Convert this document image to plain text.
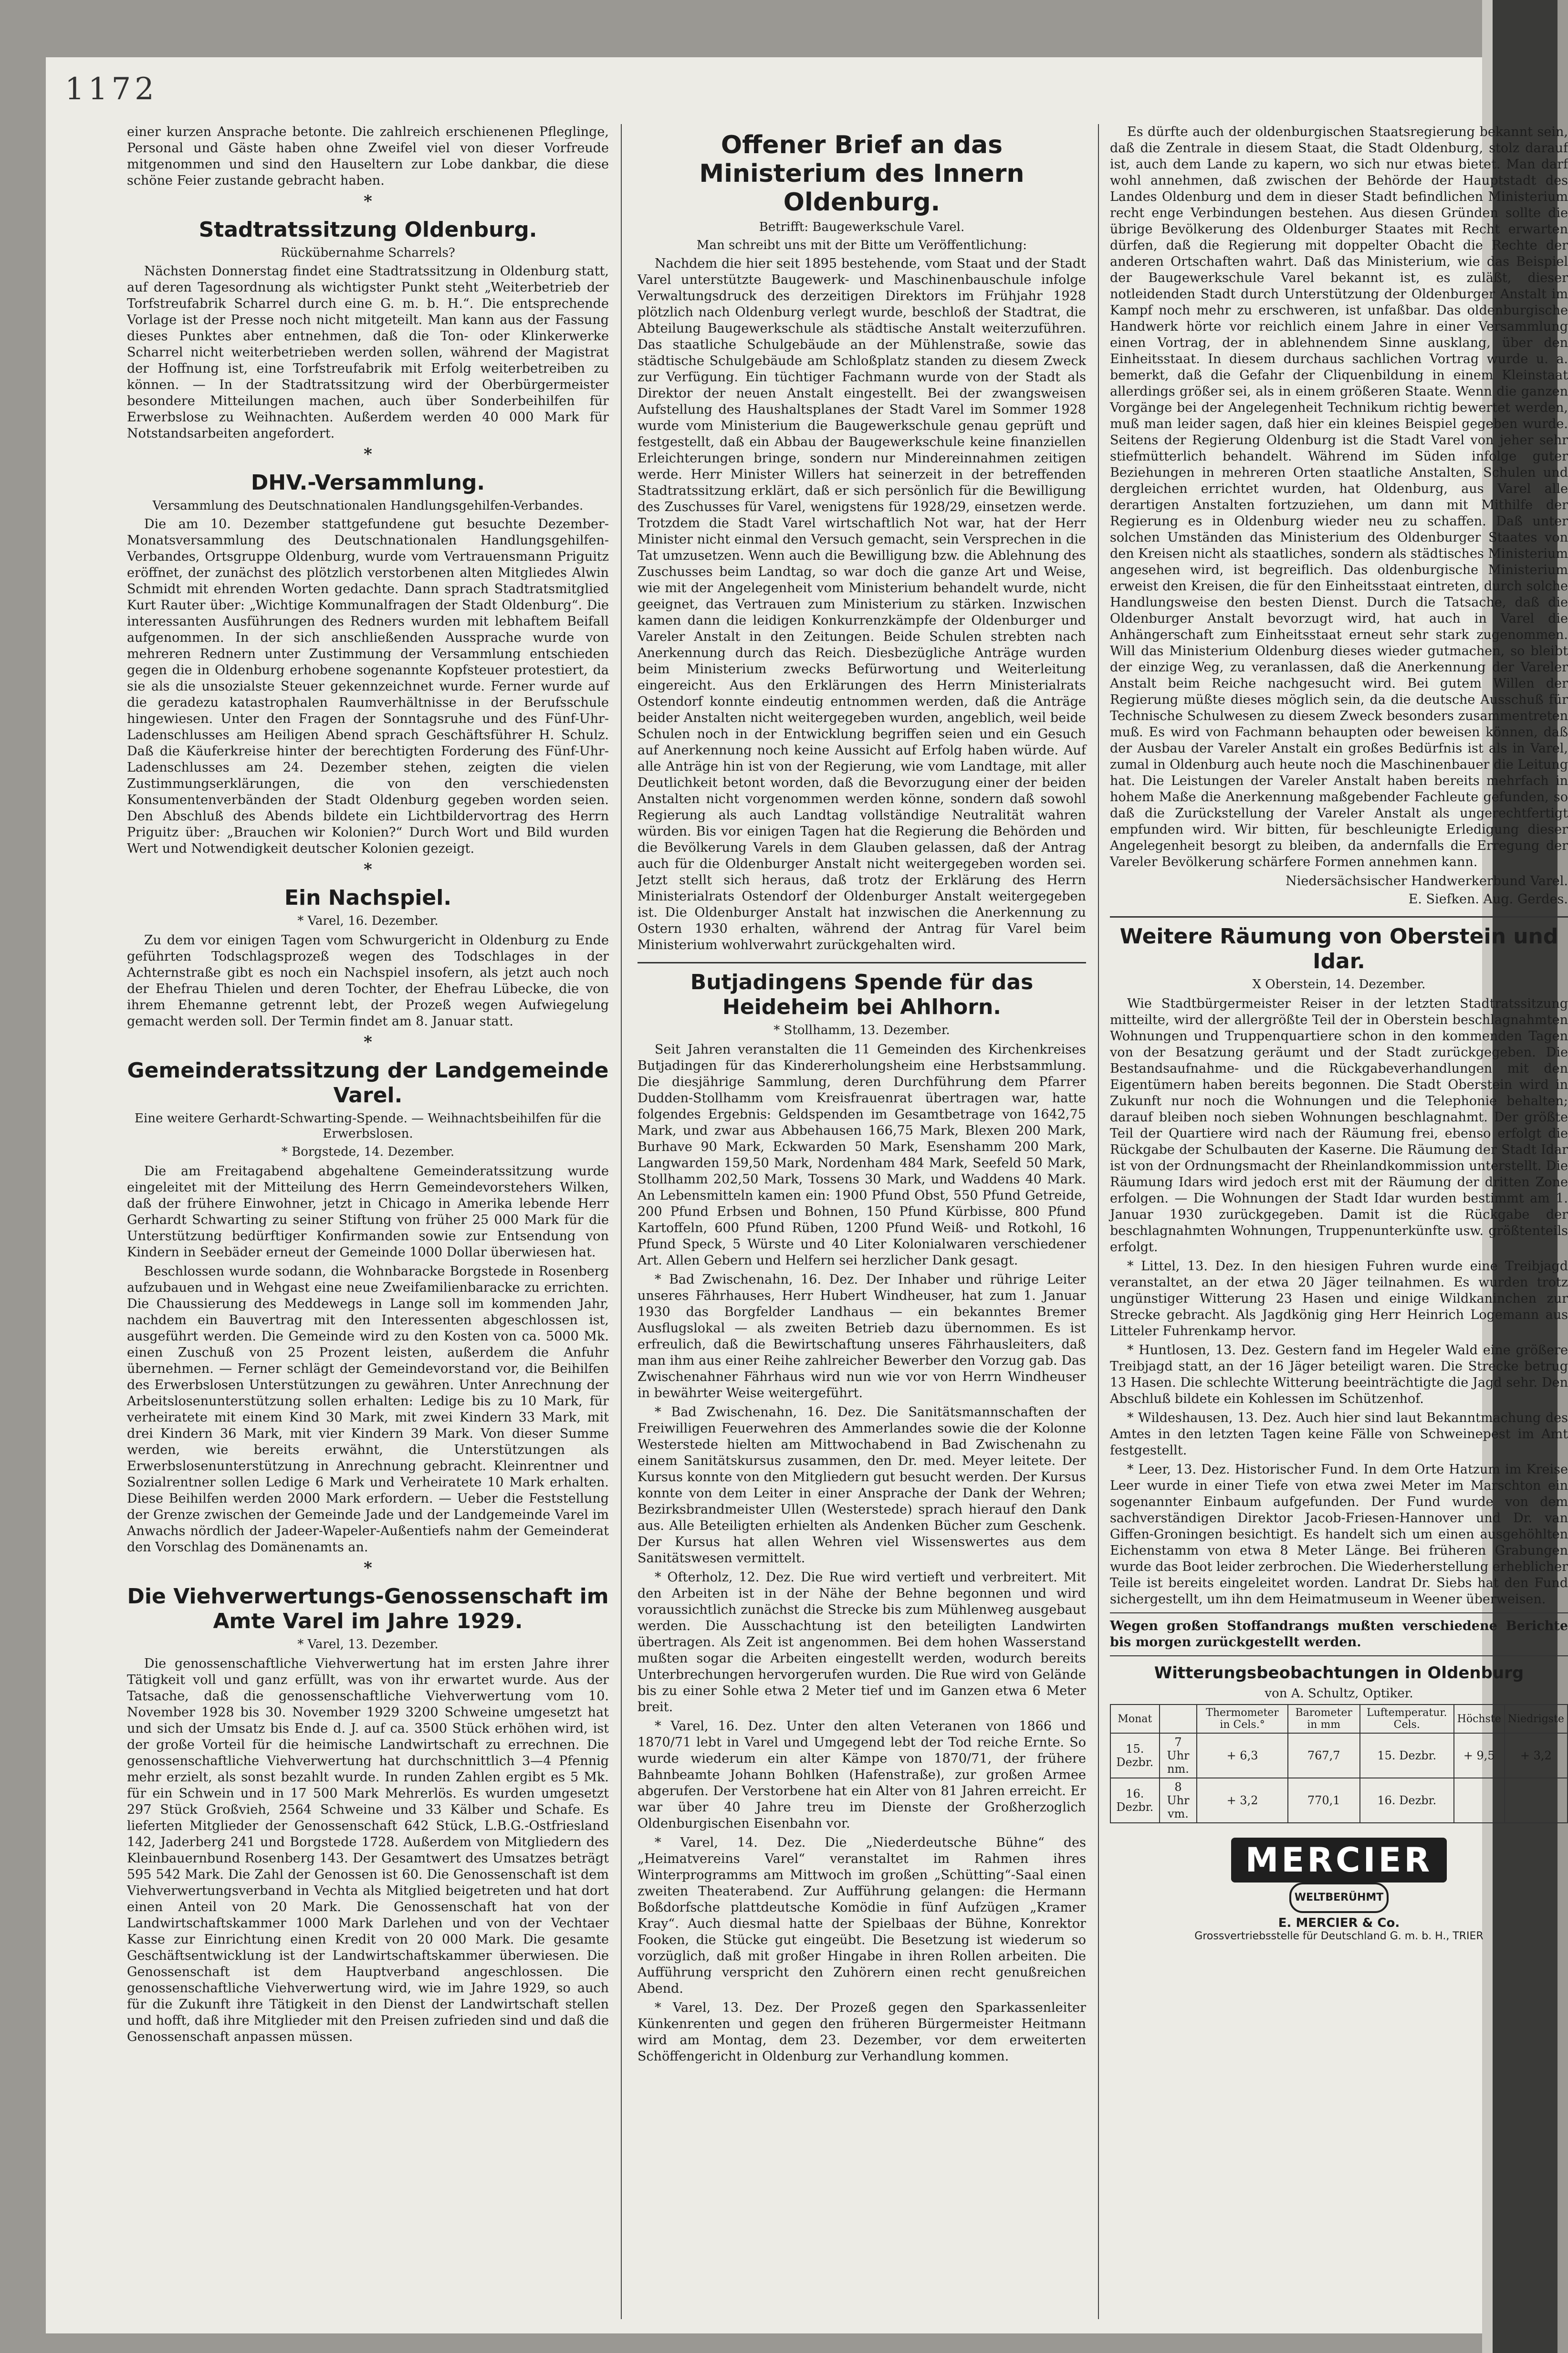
1172

einer kurzen Ansprache betonte. Die zahlreich erschienenen Pfleglinge, Personal und Gäste haben ohne Zweifel viel von dieser Vorfreude mitgenommen und sind den Hauseltern zur Lobe dankbar, die diese schöne Feier zustande gebracht haben.

*
Stadtratssitzung Oldenburg.
Rückübernahme Scharrels?

Nächsten Donnerstag findet eine Stadtratssitzung in Oldenburg statt, auf deren Tagesordnung als wichtigster Punkt steht „Weiterbetrieb der Torfstreufabrik Scharrel durch eine G. m. b. H.“. Die entsprechende Vorlage ist der Presse noch nicht mitgeteilt. Man kann aus der Fassung dieses Punktes aber entnehmen, daß die Ton- oder Klinkerwerke Scharrel nicht weiterbetrieben werden sollen, während der Magistrat der Hoffnung ist, eine Torfstreufabrik mit Erfolg weiterbetreiben zu können. — In der Stadtratssitzung wird der Oberbürgermeister besondere Mitteilungen machen, auch über Sonderbeihilfen für Erwerbslose zu Weihnachten. Außerdem werden 40 000 Mark für Notstandsarbeiten angefordert.

*
DHV.-Versammlung.
Versammlung des Deutschnationalen Handlungsgehilfen-Verbandes.

Die am 10. Dezember stattgefundene gut besuchte Dezember-Monatsversammlung des Deutschnationalen Handlungsgehilfen-Verbandes, Ortsgruppe Oldenburg, wurde vom Vertrauensmann Priguitz eröffnet, der zunächst des plötzlich verstorbenen alten Mitgliedes Alwin Schmidt mit ehrenden Worten gedachte. Dann sprach Stadtratsmitglied Kurt Rauter über: „Wichtige Kommunalfragen der Stadt Oldenburg“. Die interessanten Ausführungen des Redners wurden mit lebhaftem Beifall aufgenommen. In der sich anschließenden Aussprache wurde von mehreren Rednern unter Zustimmung der Versammlung entschieden gegen die in Oldenburg erhobene sogenannte Kopfsteuer protestiert, da sie als die unsozialste Steuer gekennzeichnet wurde. Ferner wurde auf die geradezu katastrophalen Raumverhältnisse in der Berufsschule hingewiesen. Unter den Fragen der Sonntagsruhe und des Fünf-Uhr-Ladenschlusses am Heiligen Abend sprach Geschäftsführer H. Schulz. Daß die Käuferkreise hinter der berechtigten Forderung des Fünf-Uhr-Ladenschlusses am 24. Dezember stehen, zeigten die vielen Zustimmungserklärungen, die von den verschiedensten Konsumentenverbänden der Stadt Oldenburg gegeben worden seien. Den Abschluß des Abends bildete ein Lichtbildervortrag des Herrn Priguitz über: „Brauchen wir Kolonien?“ Durch Wort und Bild wurden Wert und Notwendigkeit deutscher Kolonien gezeigt.

*
Ein Nachspiel.
* Varel, 16. Dezember.

Zu dem vor einigen Tagen vom Schwurgericht in Oldenburg zu Ende geführten Todschlagsprozeß wegen des Todschlages in der Achternstraße gibt es noch ein Nachspiel insofern, als jetzt auch noch der Ehefrau Thielen und deren Tochter, der Ehefrau Lübecke, die von ihrem Ehemanne getrennt lebt, der Prozeß wegen Aufwiegelung gemacht werden soll. Der Termin findet am 8. Januar statt.

*
Gemeinderatssitzung der Landgemeinde Varel.
Eine weitere Gerhardt-Schwarting-Spende. — Weihnachtsbeihilfen für die Erwerbslosen.
* Borgstede, 14. Dezember.

Die am Freitagabend abgehaltene Gemeinderatssitzung wurde eingeleitet mit der Mitteilung des Herrn Gemeindevorstehers Wilken, daß der frühere Einwohner, jetzt in Chicago in Amerika lebende Herr Gerhardt Schwarting zu seiner Stiftung von früher 25 000 Mark für die Unterstützung bedürftiger Konfirmanden sowie zur Entsendung von Kindern in Seebäder erneut der Gemeinde 1000 Dollar überwiesen hat.

Beschlossen wurde sodann, die Wohnbaracke Borgstede in Rosenberg aufzubauen und in Wehgast eine neue Zweifamilienbaracke zu errichten. Die Chaussierung des Meddewegs in Lange soll im kommenden Jahr, nachdem ein Bauvertrag mit den Interessenten abgeschlossen ist, ausgeführt werden. Die Gemeinde wird zu den Kosten von ca. 5000 Mk. einen Zuschuß von 25 Prozent leisten, außerdem die Anfuhr übernehmen. — Ferner schlägt der Gemeindevorstand vor, die Beihilfen des Erwerbslosen Unterstützungen zu gewähren. Unter Anrechnung der Arbeitslosenunterstützung sollen erhalten: Ledige bis zu 10 Mark, für verheiratete mit einem Kind 30 Mark, mit zwei Kindern 33 Mark, mit drei Kindern 36 Mark, mit vier Kindern 39 Mark. Von dieser Summe werden, wie bereits erwähnt, die Unterstützungen als Erwerbslosenunterstützung in Anrechnung gebracht. Kleinrentner und Sozialrentner sollen Ledige 6 Mark und Verheiratete 10 Mark erhalten. Diese Beihilfen werden 2000 Mark erfordern. — Ueber die Feststellung der Grenze zwischen der Gemeinde Jade und der Landgemeinde Varel im Anwachs nördlich der Jadeer-Wapeler-Außentiefs nahm der Gemeinderat den Vorschlag des Domänenamts an.

*
Die Viehverwertungs-Genossenschaft im Amte Varel im Jahre 1929.
* Varel, 13. Dezember.

Die genossenschaftliche Viehverwertung hat im ersten Jahre ihrer Tätigkeit voll und ganz erfüllt, was von ihr erwartet wurde. Aus der Tatsache, daß die genossenschaftliche Viehverwertung vom 10. November 1928 bis 30. November 1929 3200 Schweine umgesetzt hat und sich der Umsatz bis Ende d. J. auf ca. 3500 Stück erhöhen wird, ist der große Vorteil für die heimische Landwirtschaft zu errechnen. Die genossenschaftliche Viehverwertung hat durchschnittlich 3—4 Pfennig mehr erzielt, als sonst bezahlt wurde. In runden Zahlen ergibt es 5 Mk. für ein Schwein und in 17 500 Mark Mehrerlös. Es wurden umgesetzt 297 Stück Großvieh, 2564 Schweine und 33 Kälber und Schafe. Es lieferten Mitglieder der Genossenschaft 642 Stück, L.B.G.-Ostfriesland 142, Jaderberg 241 und Borgstede 1728. Außerdem von Mitgliedern des Kleinbauernbund Rosenberg 143. Der Gesamtwert des Umsatzes beträgt 595 542 Mark. Die Zahl der Genossen ist 60. Die Genossenschaft ist dem Viehverwertungsverband in Vechta als Mitglied beigetreten und hat dort einen Anteil von 20 Mark. Die Genossenschaft hat von der Landwirtschaftskammer 1000 Mark Darlehen und von der Vechtaer Kasse zur Einrichtung einen Kredit von 20 000 Mark. Die gesamte Geschäftsentwicklung ist der Landwirtschaftskammer überwiesen. Die Genossenschaft ist dem Hauptverband angeschlossen. Die genossenschaftliche Viehverwertung wird, wie im Jahre 1929, so auch für die Zukunft ihre Tätigkeit in den Dienst der Landwirtschaft stellen und hofft, daß ihre Mitglieder mit den Preisen zufrieden sind und daß die Genossenschaft anpassen müssen.

Offener Brief an das Ministerium des Innern Oldenburg.
Betrifft: Baugewerkschule Varel.
Man schreibt uns mit der Bitte um Veröffentlichung:

Nachdem die hier seit 1895 bestehende, vom Staat und der Stadt Varel unterstützte Baugewerk- und Maschinenbauschule infolge Verwaltungsdruck des derzeitigen Direktors im Frühjahr 1928 plötzlich nach Oldenburg verlegt wurde, beschloß der Stadtrat, die Abteilung Baugewerkschule als städtische Anstalt weiterzuführen. Das staatliche Schulgebäude an der Mühlenstraße, sowie das städtische Schulgebäude am Schloßplatz standen zu diesem Zweck zur Verfügung. Ein tüchtiger Fachmann wurde von der Stadt als Direktor der neuen Anstalt eingestellt. Bei der zwangsweisen Aufstellung des Haushaltsplanes der Stadt Varel im Sommer 1928 wurde vom Ministerium die Baugewerkschule genau geprüft und festgestellt, daß ein Abbau der Baugewerkschule keine finanziellen Erleichterungen bringe, sondern nur Mindereinnahmen zeitigen werde. Herr Minister Willers hat seinerzeit in der betreffenden Stadtratssitzung erklärt, daß er sich persönlich für die Bewilligung des Zuschusses für Varel, wenigstens für 1928/29, einsetzen werde. Trotzdem die Stadt Varel wirtschaftlich Not war, hat der Herr Minister nicht einmal den Versuch gemacht, sein Versprechen in die Tat umzusetzen. Wenn auch die Bewilligung bzw. die Ablehnung des Zuschusses beim Landtag, so war doch die ganze Art und Weise, wie mit der Angelegenheit vom Ministerium behandelt wurde, nicht geeignet, das Vertrauen zum Ministerium zu stärken. Inzwischen kamen dann die leidigen Konkurrenzkämpfe der Oldenburger und Vareler Anstalt in den Zeitungen. Beide Schulen strebten nach Anerkennung durch das Reich. Diesbezügliche Anträge wurden beim Ministerium zwecks Befürwortung und Weiterleitung eingereicht. Aus den Erklärungen des Herrn Ministerialrats Ostendorf konnte eindeutig entnommen werden, daß die Anträge beider Anstalten nicht weitergegeben wurden, angeblich, weil beide Schulen noch in der Entwicklung begriffen seien und ein Gesuch auf Anerkennung noch keine Aussicht auf Erfolg haben würde. Auf alle Anträge hin ist von der Regierung, wie vom Landtage, mit aller Deutlichkeit betont worden, daß die Bevorzugung einer der beiden Anstalten nicht vorgenommen werden könne, sondern daß sowohl Regierung als auch Landtag vollständige Neutralität wahren würden. Bis vor einigen Tagen hat die Regierung die Behörden und die Bevölkerung Varels in dem Glauben gelassen, daß der Antrag auch für die Oldenburger Anstalt nicht weitergegeben worden sei. Jetzt stellt sich heraus, daß trotz der Erklärung des Herrn Ministerialrats Ostendorf der Oldenburger Anstalt weitergegeben ist. Die Oldenburger Anstalt hat inzwischen die Anerkennung zu Ostern 1930 erhalten, während der Antrag für Varel beim Ministerium wohlverwahrt zurückgehalten wird.

Butjadingens Spende für das Heideheim bei Ahlhorn.
* Stollhamm, 13. Dezember.

Seit Jahren veranstalten die 11 Gemeinden des Kirchenkreises Butjadingen für das Kindererholungsheim eine Herbstsammlung. Die diesjährige Sammlung, deren Durchführung dem Pfarrer Dudden-Stollhamm vom Kreisfrauenrat übertragen war, hatte folgendes Ergebnis: Geldspenden im Gesamtbetrage von 1642,75 Mark, und zwar aus Abbehausen 166,75 Mark, Blexen 200 Mark, Burhave 90 Mark, Eckwarden 50 Mark, Esenshamm 200 Mark, Langwarden 159,50 Mark, Nordenham 484 Mark, Seefeld 50 Mark, Stollhamm 202,50 Mark, Tossens 30 Mark, und Waddens 40 Mark. An Lebensmitteln kamen ein: 1900 Pfund Obst, 550 Pfund Getreide, 200 Pfund Erbsen und Bohnen, 150 Pfund Kürbisse, 800 Pfund Kartoffeln, 600 Pfund Rüben, 1200 Pfund Weiß- und Rotkohl, 16 Pfund Speck, 5 Würste und 40 Liter Kolonialwaren verschiedener Art. Allen Gebern und Helfern sei herzlicher Dank gesagt.

* Bad Zwischenahn, 16. Dez. Der Inhaber und rührige Leiter unseres Fährhauses, Herr Hubert Windheuser, hat zum 1. Januar 1930 das Borgfelder Landhaus — ein bekanntes Bremer Ausflugslokal — als zweiten Betrieb dazu übernommen. Es ist erfreulich, daß die Bewirtschaftung unseres Fährhausleiters, daß man ihm aus einer Reihe zahlreicher Bewerber den Vorzug gab. Das Zwischenahner Fährhaus wird nun wie vor von Herrn Windheuser in bewährter Weise weitergeführt.

* Bad Zwischenahn, 16. Dez. Die Sanitätsmannschaften der Freiwilligen Feuerwehren des Ammerlandes sowie die der Kolonne Westerstede hielten am Mittwochabend in Bad Zwischenahn zu einem Sanitätskursus zusammen, den Dr. med. Meyer leitete. Der Kursus konnte von den Mitgliedern gut besucht werden. Der Kursus konnte von dem Leiter in einer Ansprache der Dank der Wehren; Bezirksbrandmeister Ullen (Westerstede) sprach hierauf den Dank aus. Alle Beteiligten erhielten als Andenken Bücher zum Geschenk. Der Kursus hat allen Wehren viel Wissenswertes aus dem Sanitätswesen vermittelt.

* Ofterholz, 12. Dez. Die Rue wird vertieft und verbreitert. Mit den Arbeiten ist in der Nähe der Behne begonnen und wird voraussichtlich zunächst die Strecke bis zum Mühlenweg ausgebaut werden. Die Ausschachtung ist den beteiligten Landwirten übertragen. Als Zeit ist angenommen. Bei dem hohen Wasserstand mußten sogar die Arbeiten eingestellt werden, wodurch bereits Unterbrechungen hervorgerufen wurden. Die Rue wird von Gelände bis zu einer Sohle etwa 2 Meter tief und im Ganzen etwa 6 Meter breit.

* Varel, 16. Dez. Unter den alten Veteranen von 1866 und 1870/71 lebt in Varel und Umgegend lebt der Tod reiche Ernte. So wurde wiederum ein alter Kämpe von 1870/71, der frühere Bahnbeamte Johann Bohlken (Hafenstraße), zur großen Armee abgerufen. Der Verstorbene hat ein Alter von 81 Jahren erreicht. Er war über 40 Jahre treu im Dienste der Großherzoglich Oldenburgischen Eisenbahn vor.

* Varel, 14. Dez. Die „Niederdeutsche Bühne“ des „Heimatvereins Varel“ veranstaltet im Rahmen ihres Winterprogramms am Mittwoch im großen „Schütting“-Saal einen zweiten Theaterabend. Zur Aufführung gelangen: die Hermann Boßdorfsche plattdeutsche Komödie in fünf Aufzügen „Kramer Kray“. Auch diesmal hatte der Spielbaas der Bühne, Konrektor Fooken, die Stücke gut eingeübt. Die Besetzung ist wiederum so vorzüglich, daß mit großer Hingabe in ihren Rollen arbeiten. Die Aufführung verspricht den Zuhörern einen recht genußreichen Abend.

* Varel, 13. Dez. Der Prozeß gegen den Sparkassenleiter Künkenrenten und gegen den früheren Bürgermeister Heitmann wird am Montag, dem 23. Dezember, vor dem erweiterten Schöffengericht in Oldenburg zur Verhandlung kommen.

Es dürfte auch der oldenburgischen Staatsregierung bekannt sein, daß die Zentrale in diesem Staat, die Stadt Oldenburg, stolz darauf ist, auch dem Lande zu kapern, wo sich nur etwas bietet. Man darf wohl annehmen, daß zwischen der Behörde der Hauptstadt des Landes Oldenburg und dem in dieser Stadt befindlichen Ministerium recht enge Verbindungen bestehen. Aus diesen Gründen sollte die übrige Bevölkerung des Oldenburger Staates mit Recht erwarten dürfen, daß die Regierung mit doppelter Obacht die Rechte der anderen Ortschaften wahrt. Daß das Ministerium, wie das Beispiel der Baugewerkschule Varel bekannt ist, es zuläßt, dieser notleidenden Stadt durch Unterstützung der Oldenburger Anstalt im Kampf noch mehr zu erschweren, ist unfaßbar. Das oldenburgische Handwerk hörte vor reichlich einem Jahre in einer Versammlung einen Vortrag, der in ablehnendem Sinne ausklang, über den Einheitsstaat. In diesem durchaus sachlichen Vortrag wurde u. a. bemerkt, daß die Gefahr der Cliquenbildung in einem Kleinstaat allerdings größer sei, als in einem größeren Staate. Wenn die ganzen Vorgänge bei der Angelegenheit Technikum richtig bewertet werden, muß man leider sagen, daß hier ein kleines Beispiel gegeben wurde. Seitens der Regierung Oldenburg ist die Stadt Varel von jeher sehr stiefmütterlich behandelt. Während im Süden infolge guter Beziehungen in mehreren Orten staatliche Anstalten, Schulen und dergleichen errichtet wurden, hat Oldenburg, aus Varel alle derartigen Anstalten fortzuziehen, um dann mit Mithilfe der Regierung es in Oldenburg wieder neu zu schaffen. Daß unter solchen Umständen das Ministerium des Oldenburger Staates von den Kreisen nicht als staatliches, sondern als städtisches Ministerium angesehen wird, ist begreiflich. Das oldenburgische Ministerium erweist den Kreisen, die für den Einheitsstaat eintreten, durch solche Handlungsweise den besten Dienst. Durch die Tatsache, daß die Oldenburger Anstalt bevorzugt wird, hat auch in Varel die Anhängerschaft zum Einheitsstaat erneut sehr stark zugenommen. Will das Ministerium Oldenburg dieses wieder gutmachen, so bleibt der einzige Weg, zu veranlassen, daß die Anerkennung der Vareler Anstalt beim Reiche nachgesucht wird. Bei gutem Willen der Regierung müßte dieses möglich sein, da die deutsche Ausschuß für Technische Schulwesen zu diesem Zweck besonders zusammentreten muß. Es wird von Fachmann behaupten oder beweisen können, daß der Ausbau der Vareler Anstalt ein großes Bedürfnis ist als in Varel, zumal in Oldenburg auch heute noch die Maschinenbauer die Leitung hat. Die Leistungen der Vareler Anstalt haben bereits mehrfach in hohem Maße die Anerkennung maßgebender Fachleute gefunden, so daß die Zurückstellung der Vareler Anstalt als ungerechtfertigt empfunden wird. Wir bitten, für beschleunigte Erledigung dieser Angelegenheit besorgt zu bleiben, da andernfalls die Erregung der Vareler Bevölkerung schärfere Formen annehmen kann.

Niedersächsischer Handwerkerbund Varel.
E. Siefken. Aug. Gerdes.
Weitere Räumung von Oberstein und Idar.
X Oberstein, 14. Dezember.

Wie Stadtbürgermeister Reiser in der letzten Stadtratssitzung mitteilte, wird der allergrößte Teil der in Oberstein beschlagnahmten Wohnungen und Truppenquartiere schon in den kommenden Tagen von der Besatzung geräumt und der Stadt zurückgegeben. Die Bestandsaufnahme- und die Rückgabeverhandlungen mit den Eigentümern haben bereits begonnen. Die Stadt Oberstein wird in Zukunft nur noch die Wohnungen und die Telephonie behalten; darauf bleiben noch sieben Wohnungen beschlagnahmt. Der größte Teil der Quartiere wird nach der Räumung frei, ebenso erfolgt die Rückgabe der Schulbauten der Kaserne. Die Räumung der Stadt Idar ist von der Ordnungsmacht der Rheinlandkommission unterstellt. Die Räumung Idars wird jedoch erst mit der Räumung der dritten Zone erfolgen. — Die Wohnungen der Stadt Idar wurden bestimmt am 1. Januar 1930 zurückgegeben. Damit ist die Rückgabe der beschlagnahmten Wohnungen, Truppenunterkünfte usw. größtenteils erfolgt.

* Littel, 13. Dez. In den hiesigen Fuhren wurde eine Treibjagd veranstaltet, an der etwa 20 Jäger teilnahmen. Es wurden trotz ungünstiger Witterung 23 Hasen und einige Wildkaninchen zur Strecke gebracht. Als Jagdkönig ging Herr Heinrich Logemann aus Litteler Fuhrenkamp hervor.

* Huntlosen, 13. Dez. Gestern fand im Hegeler Wald eine größere Treibjagd statt, an der 16 Jäger beteiligt waren. Die Strecke betrug 13 Hasen. Die schlechte Witterung beeinträchtigte die Jagd sehr. Den Abschluß bildete ein Kohlessen im Schützenhof.

* Wildeshausen, 13. Dez. Auch hier sind laut Bekanntmachung des Amtes in den letzten Tagen keine Fälle von Schweinepest im Amt festgestellt.

* Leer, 13. Dez. Historischer Fund. In dem Orte Hatzum im Kreise Leer wurde in einer Tiefe von etwa zwei Meter im Marschton ein sogenannter Einbaum aufgefunden. Der Fund wurde von dem sachverständigen Direktor Jacob-Friesen-Hannover und Dr. van Giffen-Groningen besichtigt. Es handelt sich um einen ausgehöhlten Eichenstamm von etwa 8 Meter Länge. Bei früheren Grabungen wurde das Boot leider zerbrochen. Die Wiederherstellung erheblicher Teile ist bereits eingeleitet worden. Landrat Dr. Siebs hat den Fund sichergestellt, um ihn dem Heimatmuseum in Weener überweisen.

Wegen großen Stoffandrangs mußten verschiedene Berichte bis morgen zurückgestellt werden.

Witterungsbeobachtungen in Oldenburg
von A. Schultz, Optiker.
Monat		Thermometer in Cels.°	Barometer in mm	Luftemperatur. Cels.	Höchste	Niedrigste
15. Dezbr.	7 Uhr nm.	+ 6,3	767,7	15. Dezbr.	+ 9,5	+ 3,2
16. Dezbr.	8 Uhr vm.	+ 3,2	770,1	16. Dezbr.		
MERCIER WELTBERÜHMT
E. MERCIER & Co.
Grossvertriebsstelle für Deutschland G. m. b. H., TRIER
